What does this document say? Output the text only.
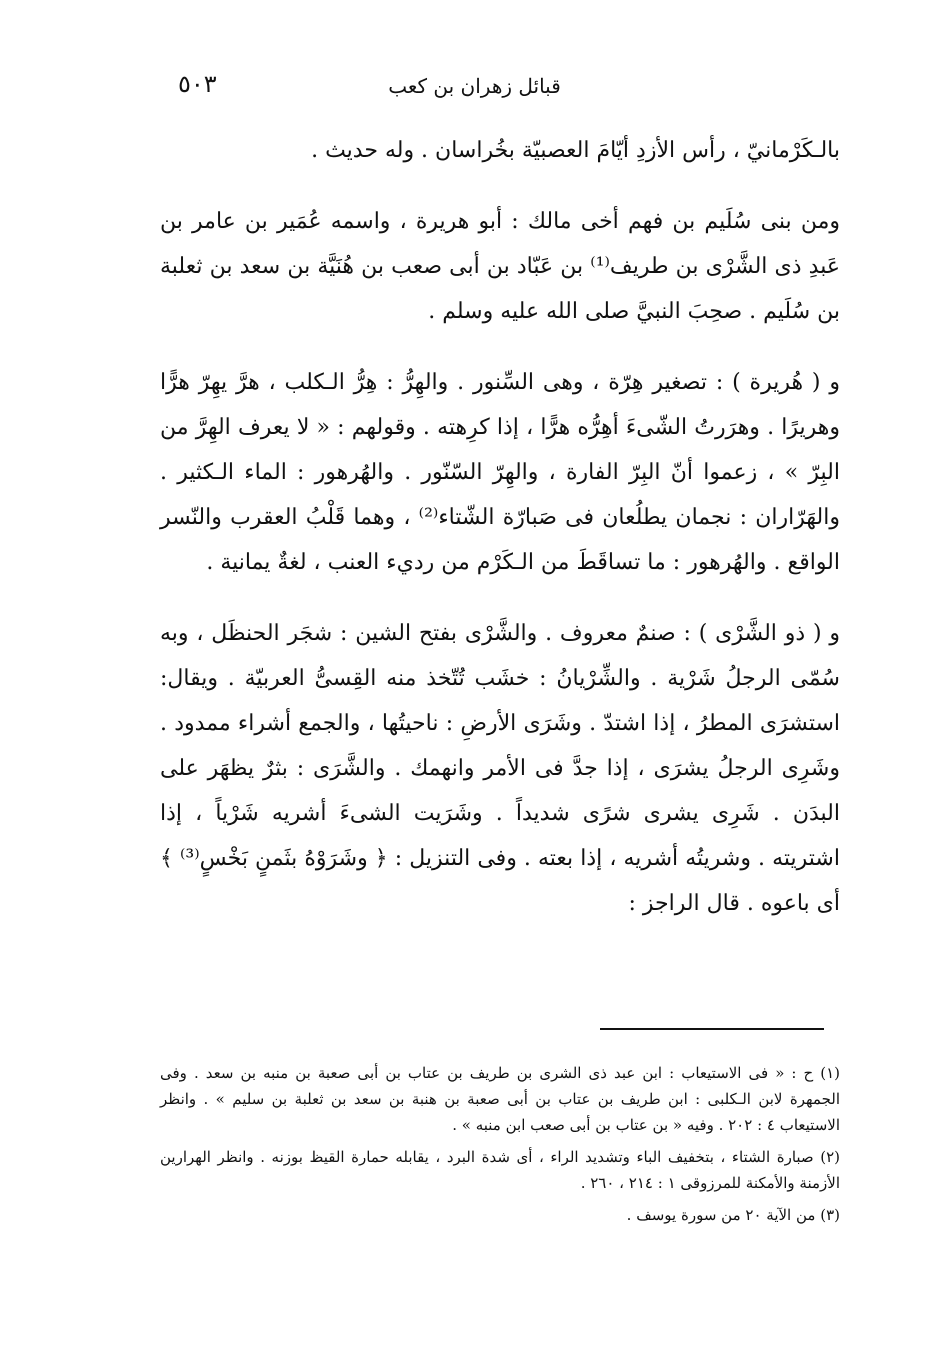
قبائل زهران بن كعب
٥٠٣

بالـكَرْمانيّ ، رأس الأزدِ أيّامَ العصبيّة بخُراسان . وله حديث .

ومن بنى سُلَيم بن فهم أخى مالك : أبو هريرة ، واسمه عُمَير بن عامر بن عَبدِ ذى الشَّرْى بن طريف⁽¹⁾ بن عَبّاد بن أبى صعب بن هُنَيَّة بن سعد بن ثعلبة بن سُلَيم . صحِبَ النبيَّ صلى الله عليه وسلم .

و ( هُريرة ) : تصغير هِرّة ، وهى السِّنور . والهِرُّ : هِرُّ الـكلب ، هرَّ يهِرّ هرًّا وهريرًا . وهرَرتُ الشّىءَ أهِرُّه هرًّا ، إذا كرِهته . وقولهم : « لا يعرف الهِرَّ من البِرّ » ، زعموا أنّ البِرّ الفارة ، والهِرّ السّنّور . والهُرهور : الماء الـكثير . والهَرّاران : نجمان يطلُعان فى صَبارّة الشّتاء⁽²⁾ ، وهما قَلْبُ العقرب والنّسر الواقع . والهُرهور : ما تساقَطَ من الـكَرْم من رديء العنب ، لغةٌ يمانية .

و ( ذو الشَّرْى ) : صنمٌ معروف . والشَّرْى بفتح الشين : شجَر الحنظَل ، وبه سُمّى الرجلُ شَرْية . والشِّرْيانُ : خشَب تُتّخذ منه القِسىُّ العربيّة . ويقال: استشرَى المطرُ ، إذا اشتدّ . وشَرَى الأرضِ : ناحيتُها ، والجمع أشراء ممدود . وشَرِى الرجلُ يشرَى ، إذا جدَّ فى الأمر وانهمك . والشَّرَى : بثرٌ يظهَر على البدَن . شَرِى يشرى شرًى شديداً . وشَرَيت الشىءَ أشريه شَرْياً ، إذا اشتريته . وشريتُه أشريه ، إذا بعته . وفى التنزيل : ﴿ وشَرَوْهُ بثَمنٍ بَخْسٍ⁽³⁾ ﴾ أى باعوه . قال الراجز :

(١) ح : « فى الاستيعاب : ابن عبد ذى الشرى بن طريف بن عتاب بن أبى صعبة بن منبه بن سعد . وفى الجمهرة لابن الـكلبى : ابن طريف بن عتاب بن أبى صعبة بن هنبة بن سعد بن ثعلبة بن سليم » . وانظر الاستيعاب ٤ : ٢٠٢ . وفيه « بن عتاب بن أبى صعب ابن منبه » .

(٢) صبارة الشتاء ، بتخفيف الباء وتشديد الراء ، أى شدة البرد ، يقابله حمارة القيظ بوزنه . وانظر الهرارين الأزمنة والأمكنة للمرزوقى ١ : ٢١٤ ، ٢٦٠ .

(٣) من الآية ٢٠ من سورة يوسف .
